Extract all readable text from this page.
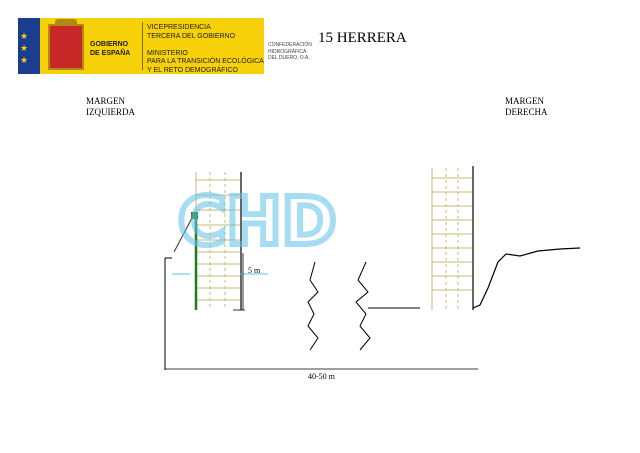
★
★
★
GOBIERNO
DE ESPAÑA
VICEPRESIDENCIA
TERCERA DEL GOBIERNO

MINISTERIO
PARA LA TRANSICIÓN ECOLÓGICA
Y EL RETO DEMOGRÁFICO
CONFEDERACIÓN
HIDROGRÁFICA
DEL DUERO, O.A.
15 HERRERA
MARGEN
IZQUIERDA
MARGEN
DERECHA
CHD
5 m
40-50 m
